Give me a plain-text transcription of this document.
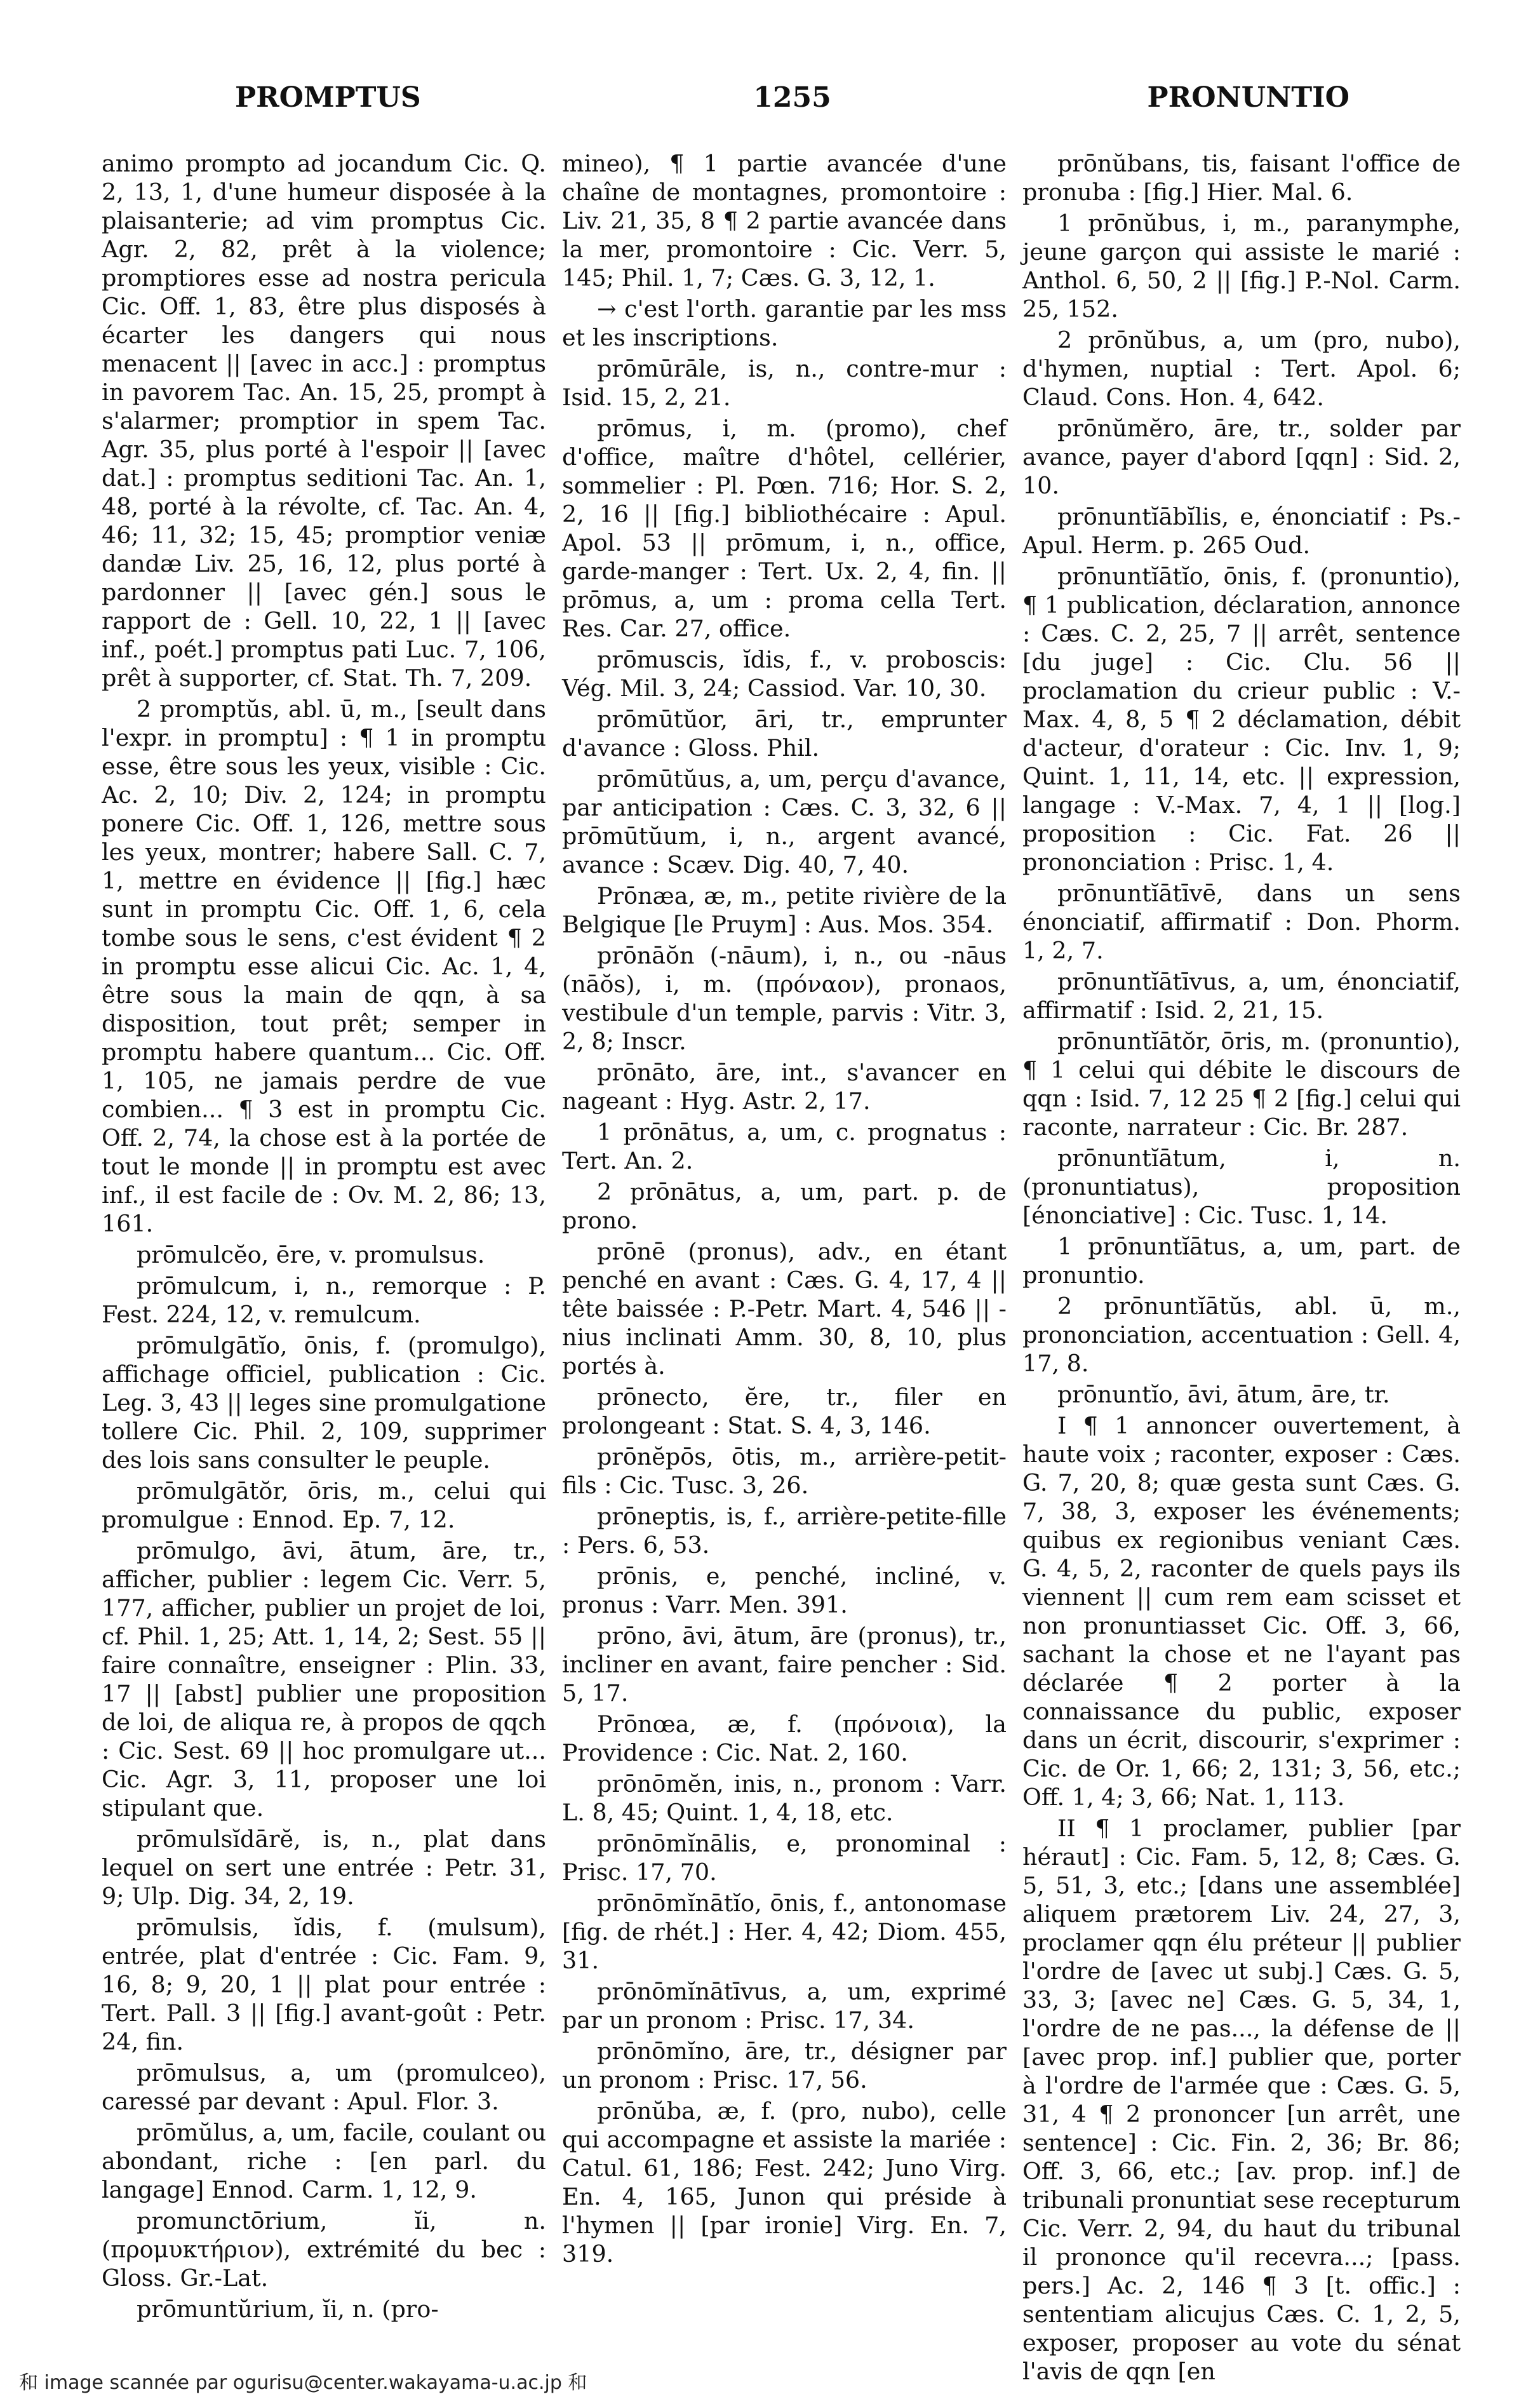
PROMPTUS	1255	PRONUNTIO

animo prompto ad jocandum Cic. Q. 2, 13, 1, d'une humeur disposée à la plaisanterie; ad vim promptus Cic. Agr. 2, 82, prêt à la violence; promptiores esse ad nostra pericula Cic. Off. 1, 83, être plus disposés à écarter les dangers qui nous menacent || [avec in acc.] : promptus in pavorem Tac. An. 15, 25, prompt à s'alarmer; promptior in spem Tac. Agr. 35, plus porté à l'espoir || [avec dat.] : promptus seditioni Tac. An. 1, 48, porté à la révolte, cf. Tac. An. 4, 46; 11, 32; 15, 45; promptior veniæ dandæ Liv. 25, 16, 12, plus porté à pardonner || [avec gén.] sous le rapport de : Gell. 10, 22, 1 || [avec inf., poét.] promptus pati Luc. 7, 106, prêt à supporter, cf. Stat. Th. 7, 209.

2 promptŭs, abl. ū, m., [seult dans l'expr. in promptu] : ¶ 1 in promptu esse, être sous les yeux, visible : Cic. Ac. 2, 10; Div. 2, 124; in promptu ponere Cic. Off. 1, 126, mettre sous les yeux, montrer; habere Sall. C. 7, 1, mettre en évidence || [fig.] hæc sunt in promptu Cic. Off. 1, 6, cela tombe sous le sens, c'est évident ¶ 2 in promptu esse alicui Cic. Ac. 1, 4, être sous la main de qqn, à sa disposition, tout prêt; semper in promptu habere quantum... Cic. Off. 1, 105, ne jamais perdre de vue combien... ¶ 3 est in promptu Cic. Off. 2, 74, la chose est à la portée de tout le monde || in promptu est avec inf., il est facile de : Ov. M. 2, 86; 13, 161.

prōmulcĕo, ēre, v. promulsus.

prōmulcum, i, n., remorque : P. Fest. 224, 12, v. remulcum.

prōmulgātĭo, ōnis, f. (promulgo), affichage officiel, publication : Cic. Leg. 3, 43 || leges sine promulgatione tollere Cic. Phil. 2, 109, supprimer des lois sans consulter le peuple.

prōmulgātŏr, ōris, m., celui qui promulgue : Ennod. Ep. 7, 12.

prōmulgo, āvi, ātum, āre, tr., afficher, publier : legem Cic. Verr. 5, 177, afficher, publier un projet de loi, cf. Phil. 1, 25; Att. 1, 14, 2; Sest. 55 || faire connaître, enseigner : Plin. 33, 17 || [abst] publier une proposition de loi, de aliqua re, à propos de qqch : Cic. Sest. 69 || hoc promulgare ut... Cic. Agr. 3, 11, proposer une loi stipulant que.

prōmulsĭdārĕ, is, n., plat dans lequel on sert une entrée : Petr. 31, 9; Ulp. Dig. 34, 2, 19.

prōmulsis, ĭdis, f. (mulsum), entrée, plat d'entrée : Cic. Fam. 9, 16, 8; 9, 20, 1 || plat pour entrée : Tert. Pall. 3 || [fig.] avant-goût : Petr. 24, fin.

prōmulsus, a, um (promulceo), caressé par devant : Apul. Flor. 3.

prōmŭlus, a, um, facile, coulant ou abondant, riche : [en parl. du langage] Ennod. Carm. 1, 12, 9.

promunctōrium, ĭi, n. (προμυκτήριον), extrémité du bec : Gloss. Gr.-Lat.

prōmuntŭrium, ĭi, n. (pro-

mineo), ¶ 1 partie avancée d'une chaîne de montagnes, promontoire : Liv. 21, 35, 8 ¶ 2 partie avancée dans la mer, promontoire : Cic. Verr. 5, 145; Phil. 1, 7; Cæs. G. 3, 12, 1.

→ c'est l'orth. garantie par les mss et les inscriptions.

prōmūrāle, is, n., contre-mur : Isid. 15, 2, 21.

prōmus, i, m. (promo), chef d'office, maître d'hôtel, cellérier, sommelier : Pl. Pœn. 716; Hor. S. 2, 2, 16 || [fig.] bibliothécaire : Apul. Apol. 53 || prōmum, i, n., office, garde-manger : Tert. Ux. 2, 4, fin. || prōmus, a, um : proma cella Tert. Res. Car. 27, office.

prōmuscis, ĭdis, f., v. proboscis: Vég. Mil. 3, 24; Cassiod. Var. 10, 30.

prōmūtŭor, āri, tr., emprunter d'avance : Gloss. Phil.

prōmūtŭus, a, um, perçu d'avance, par anticipation : Cæs. C. 3, 32, 6 || prōmūtŭum, i, n., argent avancé, avance : Scæv. Dig. 40, 7, 40.

Prōnæa, æ, m., petite rivière de la Belgique [le Pruym] : Aus. Mos. 354.

prōnāŏn (-nāum), i, n., ou -nāus (nāŏs), i, m. (πρόναον), pronaos, vestibule d'un temple, parvis : Vitr. 3, 2, 8; Inscr.

prōnāto, āre, int., s'avancer en nageant : Hyg. Astr. 2, 17.

1 prōnātus, a, um, c. prognatus : Tert. An. 2.

2 prōnātus, a, um, part. p. de prono.

prōnē (pronus), adv., en étant penché en avant : Cæs. G. 4, 17, 4 || tête baissée : P.-Petr. Mart. 4, 546 || -nius inclinati Amm. 30, 8, 10, plus portés à.

prōnecto, ĕre, tr., filer en prolongeant : Stat. S. 4, 3, 146.

prōnĕpōs, ōtis, m., arrière-petit-fils : Cic. Tusc. 3, 26.

prōneptis, is, f., arrière-petite-fille : Pers. 6, 53.

prōnis, e, penché, incliné, v. pronus : Varr. Men. 391.

prōno, āvi, ātum, āre (pronus), tr., incliner en avant, faire pencher : Sid. 5, 17.

Prōnœa, æ, f. (πρόνοια), la Providence : Cic. Nat. 2, 160.

prōnōmĕn, inis, n., pronom : Varr. L. 8, 45; Quint. 1, 4, 18, etc.

prōnōmĭnālis, e, pronominal : Prisc. 17, 70.

prōnōmĭnātĭo, ōnis, f., antonomase [fig. de rhét.] : Her. 4, 42; Diom. 455, 31.

prōnōmĭnātīvus, a, um, exprimé par un pronom : Prisc. 17, 34.

prōnōmĭno, āre, tr., désigner par un pronom : Prisc. 17, 56.

prōnŭba, æ, f. (pro, nubo), celle qui accompagne et assiste la mariée : Catul. 61, 186; Fest. 242; Juno Virg. En. 4, 165, Junon qui préside à l'hymen || [par ironie] Virg. En. 7, 319.

prōnŭbans, tis, faisant l'office de pronuba : [fig.] Hier. Mal. 6.

1 prōnŭbus, i, m., paranymphe, jeune garçon qui assiste le marié : Anthol. 6, 50, 2 || [fig.] P.-Nol. Carm. 25, 152.

2 prōnŭbus, a, um (pro, nubo), d'hymen, nuptial : Tert. Apol. 6; Claud. Cons. Hon. 4, 642.

prōnŭmĕro, āre, tr., solder par avance, payer d'abord [qqn] : Sid. 2, 10.

prōnuntĭābĭlis, e, énonciatif : Ps.-Apul. Herm. p. 265 Oud.

prōnuntĭātĭo, ōnis, f. (pronuntio), ¶ 1 publication, déclaration, annonce : Cæs. C. 2, 25, 7 || arrêt, sentence [du juge] : Cic. Clu. 56 || proclamation du crieur public : V.-Max. 4, 8, 5 ¶ 2 déclamation, débit d'acteur, d'orateur : Cic. Inv. 1, 9; Quint. 1, 11, 14, etc. || expression, langage : V.-Max. 7, 4, 1 || [log.] proposition : Cic. Fat. 26 || prononciation : Prisc. 1, 4.

prōnuntĭātīvē, dans un sens énonciatif, affirmatif : Don. Phorm. 1, 2, 7.

prōnuntĭātīvus, a, um, énonciatif, affirmatif : Isid. 2, 21, 15.

prōnuntĭātŏr, ōris, m. (pronuntio), ¶ 1 celui qui débite le discours de qqn : Isid. 7, 12 25 ¶ 2 [fig.] celui qui raconte, narrateur : Cic. Br. 287.

prōnuntĭātum, i, n. (pronuntiatus), proposition [énonciative] : Cic. Tusc. 1, 14.

1 prōnuntĭātus, a, um, part. de pronuntio.

2 prōnuntĭātŭs, abl. ū, m., prononciation, accentuation : Gell. 4, 17, 8.

prōnuntĭo, āvi, ātum, āre, tr.

I ¶ 1 annoncer ouvertement, à haute voix ; raconter, exposer : Cæs. G. 7, 20, 8; quæ gesta sunt Cæs. G. 7, 38, 3, exposer les événements; quibus ex regionibus veniant Cæs. G. 4, 5, 2, raconter de quels pays ils viennent || cum rem eam scisset et non pronuntiasset Cic. Off. 3, 66, sachant la chose et ne l'ayant pas déclarée ¶ 2 porter à la connaissance du public, exposer dans un écrit, discourir, s'exprimer : Cic. de Or. 1, 66; 2, 131; 3, 56, etc.; Off. 1, 4; 3, 66; Nat. 1, 113.

II ¶ 1 proclamer, publier [par héraut] : Cic. Fam. 5, 12, 8; Cæs. G. 5, 51, 3, etc.; [dans une assemblée] aliquem prætorem Liv. 24, 27, 3, proclamer qqn élu préteur || publier l'ordre de [avec ut subj.] Cæs. G. 5, 33, 3; [avec ne] Cæs. G. 5, 34, 1, l'ordre de ne pas..., la défense de || [avec prop. inf.] publier que, porter à l'ordre de l'armée que : Cæs. G. 5, 31, 4 ¶ 2 prononcer [un arrêt, une sentence] : Cic. Fin. 2, 36; Br. 86; Off. 3, 66, etc.; [av. prop. inf.] de tribunali pronuntiat sese recepturum Cic. Verr. 2, 94, du haut du tribunal il prononce qu'il recevra...; [pass. pers.] Ac. 2, 146 ¶ 3 [t. offic.] : sententiam alicujus Cæs. C. 1, 2, 5, exposer, proposer au vote du sénat l'avis de qqn [en

和 image scannée par ogurisu@center.wakayama-u.ac.jp 和
